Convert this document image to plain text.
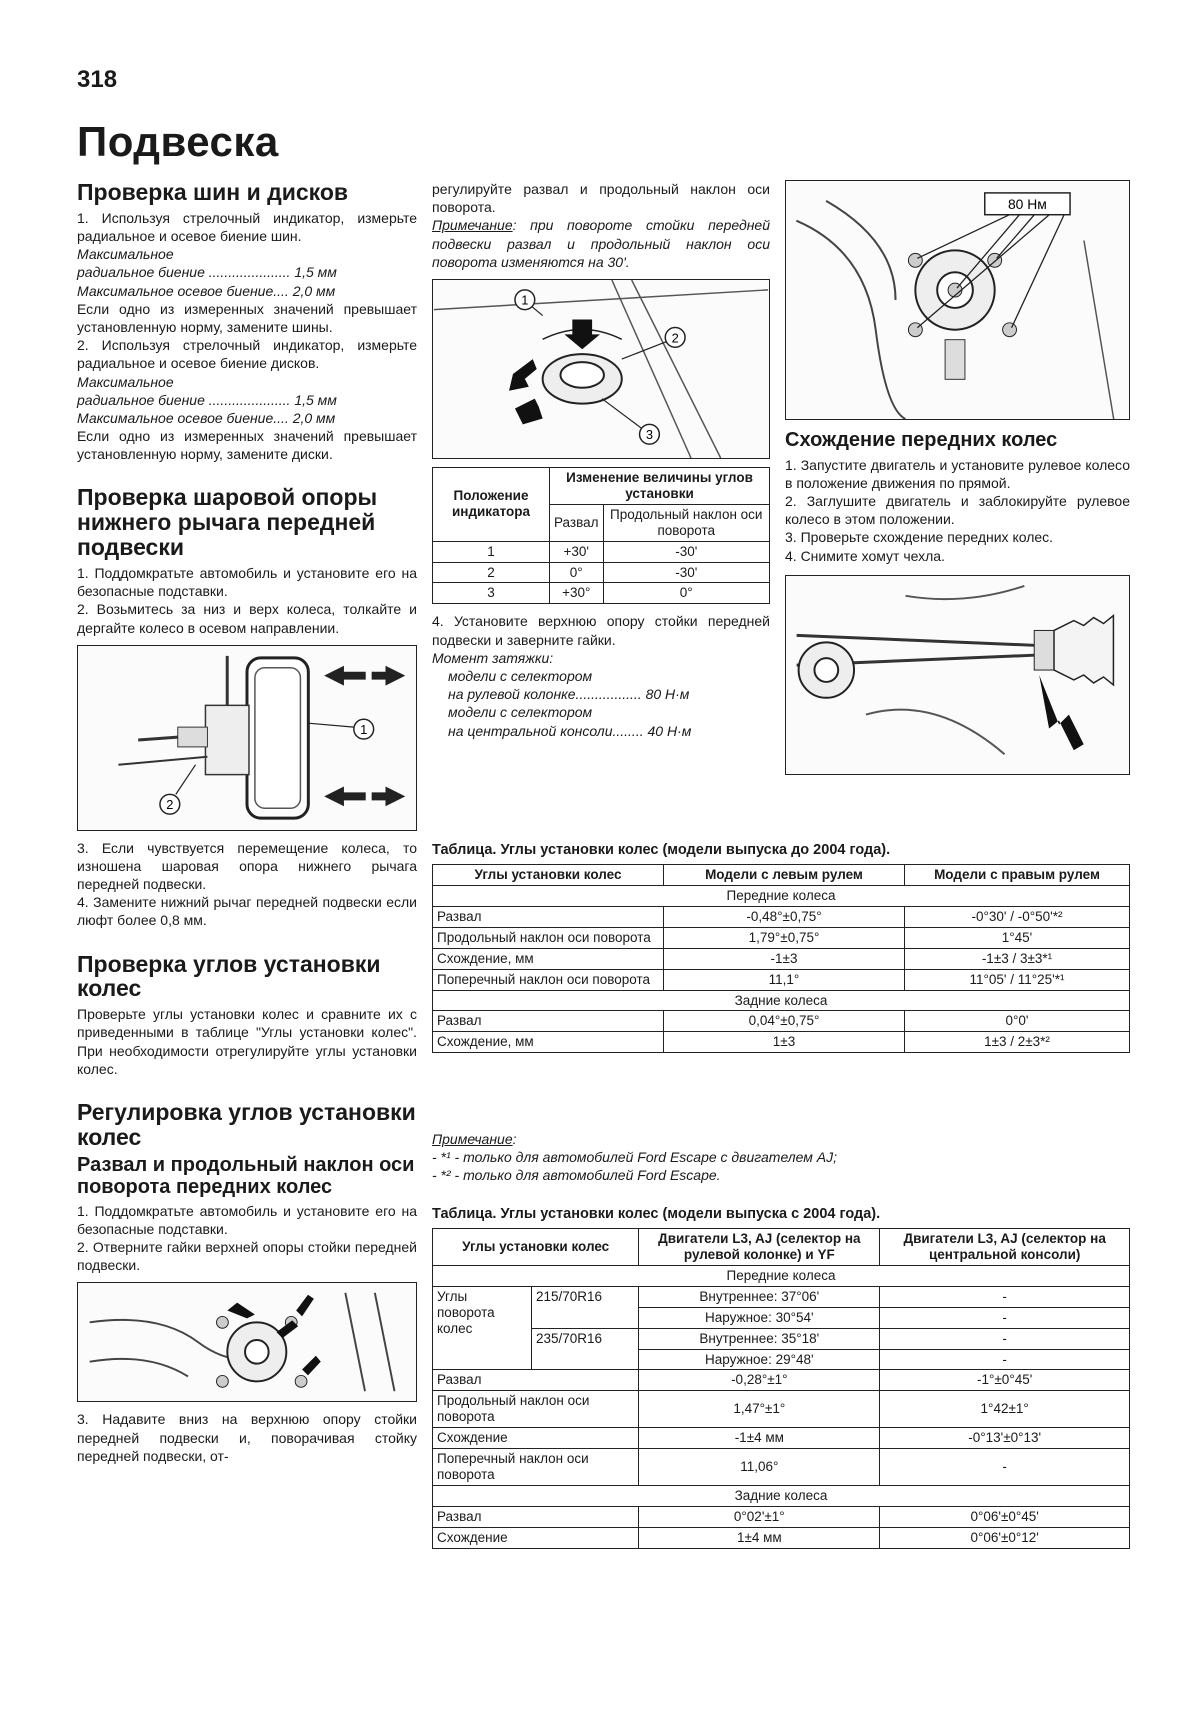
318
Подвеска
Проверка шин и дисков

1. Используя стрелочный индикатор, измерьте радиальное и осевое биение шин.

Максимальное
радиальное биение ..................... 1,5 мм
Максимальное осевое биение.... 2,0 мм

Если одно из измеренных значений превышает установленную норму, замените шины.

2. Используя стрелочный индикатор, измерьте радиальное и осевое биение дисков.

Максимальное
радиальное биение ..................... 1,5 мм
Максимальное осевое биение.... 2,0 мм

Если одно из измеренных значений превышает установленную норму, замените диски.

Проверка шаровой опоры нижнего рычага передней подвески

1. Поддомкратьте автомобиль и установите его на безопасные подставки.

2. Возьмитесь за низ и верх колеса, толкайте и дергайте колесо в осевом направлении.

1
2

3. Если чувствуется перемещение колеса, то изношена шаровая опора нижнего рычага передней подвески.

4. Замените нижний рычаг передней подвески если люфт более 0,8 мм.

Проверка углов установки колес

Проверьте углы установки колес и сравните их с приведенными в таблице "Углы установки колес". При необходимости отрегулируйте углы установки колес.

Регулировка углов установки колес
Развал и продольный наклон оси поворота передних колес

1. Поддомкратьте автомобиль и установите его на безопасные подставки.

2. Отверните гайки верхней опоры стойки передней подвески.

3. Надавите вниз на верхнюю опору стойки передней подвески и, поворачивая стойку передней подвески, от-

регулируйте развал и продольный наклон оси поворота.

Примечание: при повороте стойки передней подвески развал и продольный наклон оси поворота изменяются на 30'.

1
2
3
Положение индикатора	Изменение величины углов установки	
	Развал	Продольный наклон оси поворота
1	+30'	-30'
2	0°	-30'
3	+30°	0°

4. Установите верхнюю опору стойки передней подвески и заверните гайки.

Момент затяжки:
модели с селектором
на рулевой колонке................. 80 Н·м
модели с селектором
на центральной консоли........ 40 Н·м
80 Нм
Схождение передних колес

1. Запустите двигатель и установите рулевое колесо в положение движения по прямой.

2. Заглушите двигатель и заблокируйте рулевое колесо в этом положении.

3. Проверьте схождение передних колес.

4. Снимите хомут чехла.

Таблица. Углы установки колес (модели выпуска до 2004 года).
Углы установки колес	Модели с левым рулем	Модели с правым рулем
Передние колеса		
Развал	-0,48°±0,75°	-0°30' / -0°50'*²
Продольный наклон оси поворота	1,79°±0,75°	1°45'
Схождение, мм	-1±3	-1±3 / 3±3*¹
Поперечный наклон оси поворота	11,1°	11°05' / 11°25'*¹
Задние колеса		
Развал	0,04°±0,75°	0°0'
Схождение, мм	1±3	1±3 / 2±3*²
Примечание:
- *¹ - только для автомобилей Ford Escape с двигателем AJ;
- *² - только для автомобилей Ford Escape.
Таблица. Углы установки колес (модели выпуска с 2004 года).
Углы установки колес		Двигатели L3, AJ (селектор на рулевой колонке) и YF	Двигатели L3, AJ (селектор на центральной консоли)
Передние колеса			
Углы поворота колес	215/70R16	Внутреннее: 37°06'	-
		Наружное: 30°54'	-
	235/70R16	Внутреннее: 35°18'	-
		Наружное: 29°48'	-
Развал		-0,28°±1°	-1°±0°45'
Продольный наклон оси поворота		1,47°±1°	1°42±1°
Схождение		-1±4 мм	-0°13'±0°13'
Поперечный наклон оси поворота		11,06°	-
Задние колеса			
Развал		0°02'±1°	0°06'±0°45'
Схождение		1±4 мм	0°06'±0°12'
